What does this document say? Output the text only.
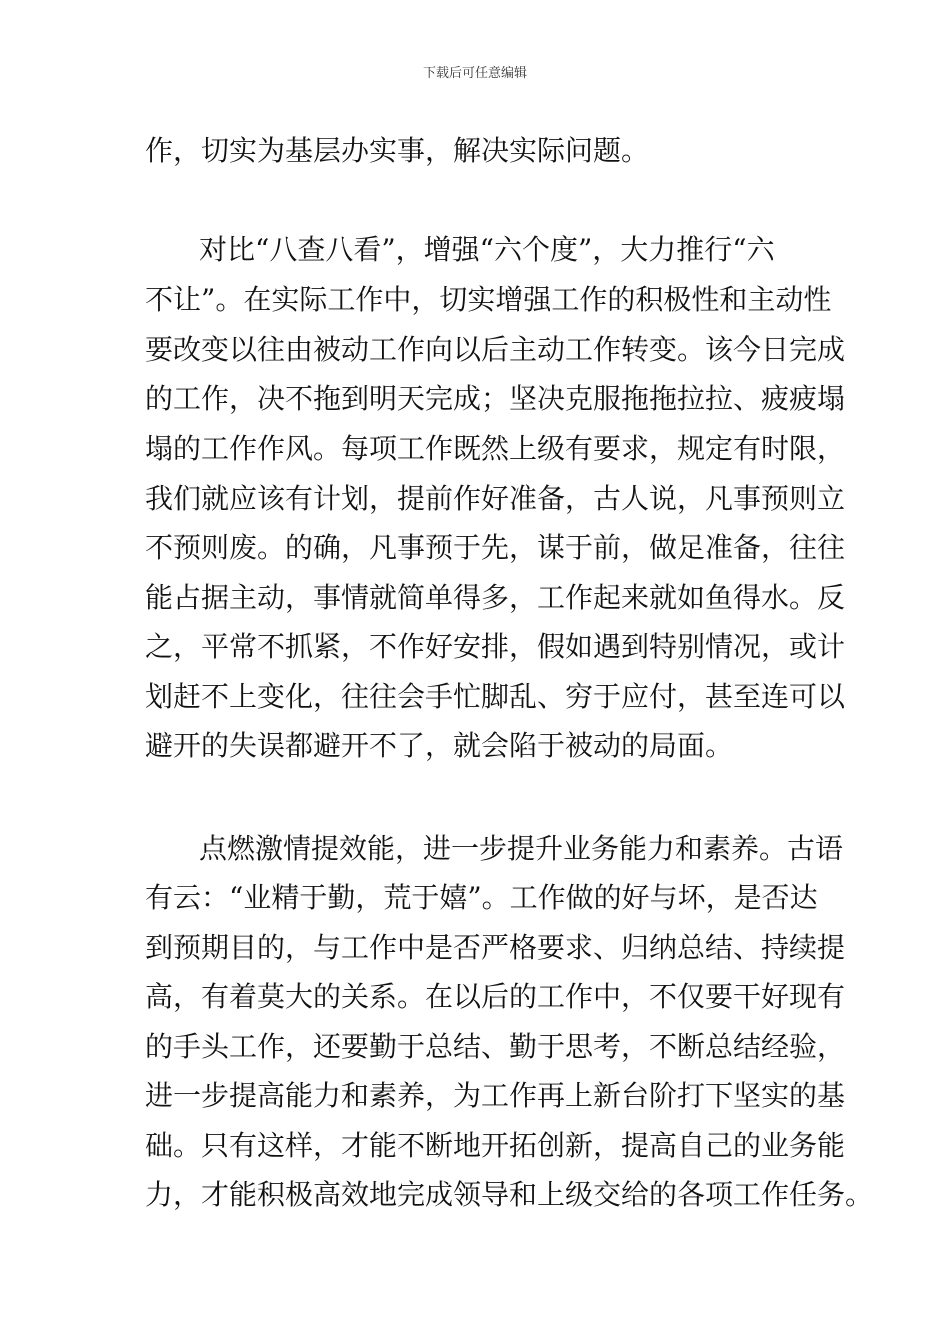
下载后可任意编辑
作，切实为基层办实事，解决实际问题。
对比“八查八看”，增强“六个度”，大力推行“六
不让”。在实际工作中，切实增强工作的积极性和主动性
要改变以往由被动工作向以后主动工作转变。该今日完成
的工作，决不拖到明天完成；坚决克服拖拖拉拉、疲疲塌
塌的工作作风。每项工作既然上级有要求，规定有时限，
我们就应该有计划，提前作好准备，古人说，凡事预则立
不预则废。的确，凡事预于先，谋于前，做足准备，往往
能占据主动，事情就简单得多，工作起来就如鱼得水。反
之，平常不抓紧，不作好安排，假如遇到特别情况，或计
划赶不上变化，往往会手忙脚乱、穷于应付，甚至连可以
避开的失误都避开不了，就会陷于被动的局面。
点燃激情提效能，进一步提升业务能力和素养。古语
有云：“业精于勤，荒于嬉”。工作做的好与坏，是否达
到预期目的，与工作中是否严格要求、归纳总结、持续提
高，有着莫大的关系。在以后的工作中，不仅要干好现有
的手头工作，还要勤于总结、勤于思考，不断总结经验，
进一步提高能力和素养，为工作再上新台阶打下坚实的基
础。只有这样，才能不断地开拓创新，提高自己的业务能
力，才能积极高效地完成领导和上级交给的各项工作任务。
